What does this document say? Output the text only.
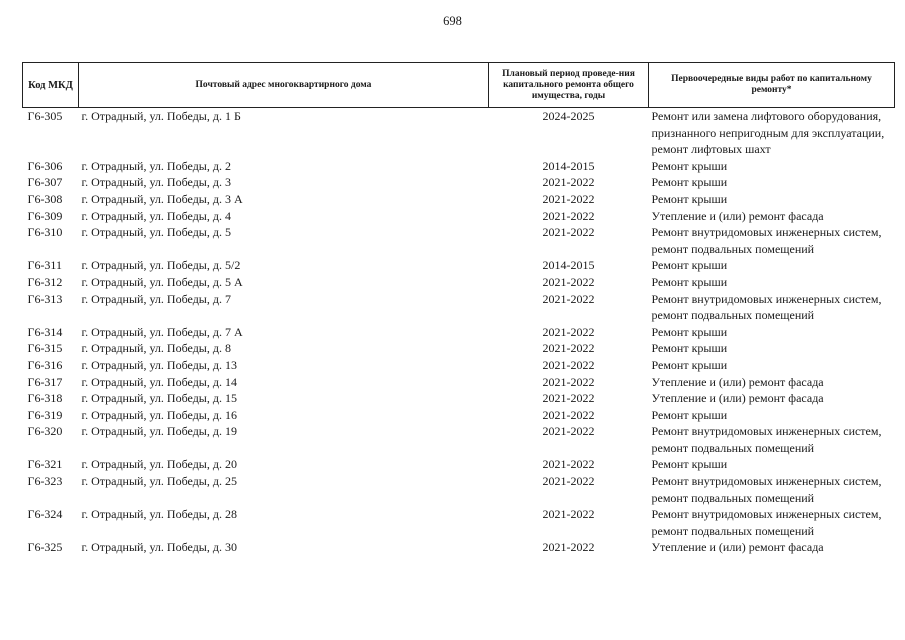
698
Код МКД	Почтовый адрес многоквартирного дома	Плановый период проведе-ния капитального ремонта общего имущества, годы	Первоочередные виды работ по капитальному ремонту*
Г6-305	г. Отрадный, ул. Победы, д. 1 Б	2024-2025	Ремонт или замена лифтового оборудования, признанного непригодным для эксплуатации, ремонт лифтовых шахт
Г6-306	г. Отрадный, ул. Победы, д. 2	2014-2015	Ремонт крыши
Г6-307	г. Отрадный, ул. Победы, д. 3	2021-2022	Ремонт крыши
Г6-308	г. Отрадный, ул. Победы, д. 3 А	2021-2022	Ремонт крыши
Г6-309	г. Отрадный, ул. Победы, д. 4	2021-2022	Утепление и (или) ремонт фасада
Г6-310	г. Отрадный, ул. Победы, д. 5	2021-2022	Ремонт внутридомовых инженерных систем, ремонт подвальных помещений
Г6-311	г. Отрадный, ул. Победы, д. 5/2	2014-2015	Ремонт крыши
Г6-312	г. Отрадный, ул. Победы, д. 5 А	2021-2022	Ремонт крыши
Г6-313	г. Отрадный, ул. Победы, д. 7	2021-2022	Ремонт внутридомовых инженерных систем, ремонт подвальных помещений
Г6-314	г. Отрадный, ул. Победы, д. 7 А	2021-2022	Ремонт крыши
Г6-315	г. Отрадный, ул. Победы, д. 8	2021-2022	Ремонт крыши
Г6-316	г. Отрадный, ул. Победы, д. 13	2021-2022	Ремонт крыши
Г6-317	г. Отрадный, ул. Победы, д. 14	2021-2022	Утепление и (или) ремонт фасада
Г6-318	г. Отрадный, ул. Победы, д. 15	2021-2022	Утепление и (или) ремонт фасада
Г6-319	г. Отрадный, ул. Победы, д. 16	2021-2022	Ремонт крыши
Г6-320	г. Отрадный, ул. Победы, д. 19	2021-2022	Ремонт внутридомовых инженерных систем, ремонт подвальных помещений
Г6-321	г. Отрадный, ул. Победы, д. 20	2021-2022	Ремонт крыши
Г6-323	г. Отрадный, ул. Победы, д. 25	2021-2022	Ремонт внутридомовых инженерных систем, ремонт подвальных помещений
Г6-324	г. Отрадный, ул. Победы, д. 28	2021-2022	Ремонт внутридомовых инженерных систем, ремонт подвальных помещений
Г6-325	г. Отрадный, ул. Победы, д. 30	2021-2022	Утепление и (или) ремонт фасада
